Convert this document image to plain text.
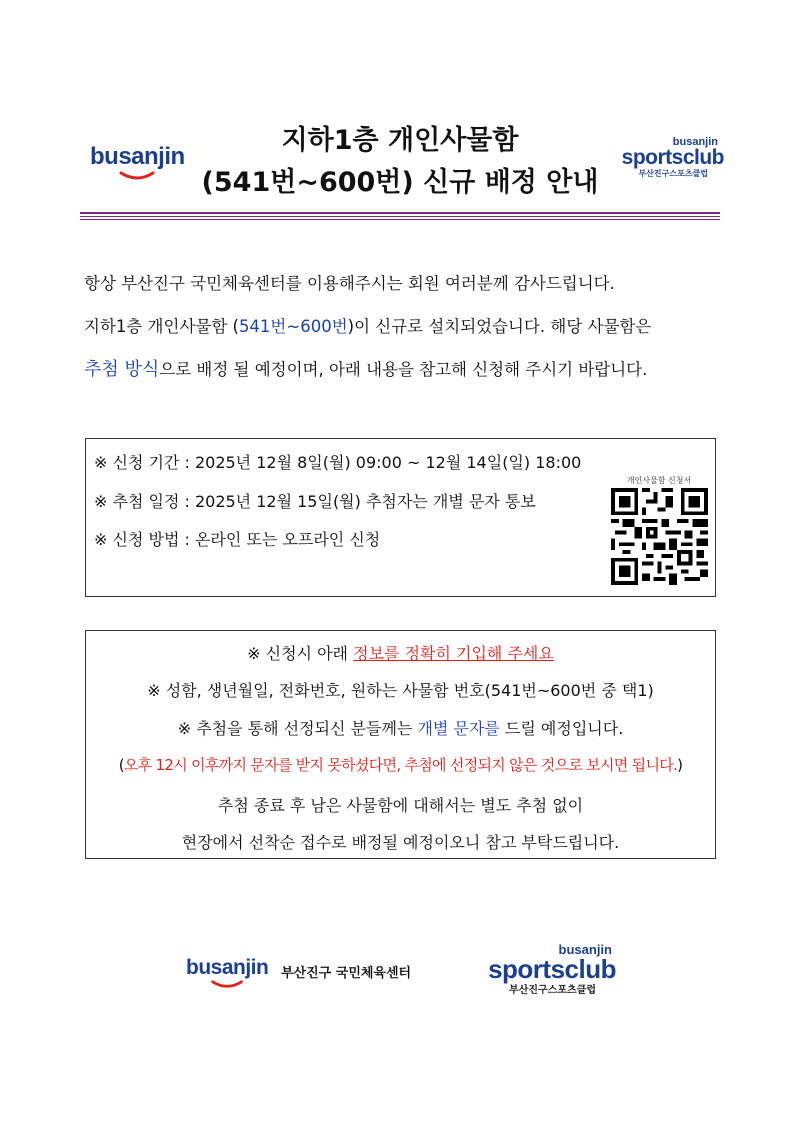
busanjin
busanjin
sportsclub
부산진구스포츠클럽
지하1층 개인사물함
(541번~600번) 신규 배정 안내
항상 부산진구 국민체육센터를 이용해주시는 회원 여러분께 감사드립니다.
지하1층 개인사물함 (541번~600번)이 신규로 설치되었습니다. 해당 사물함은
추첨 방식으로 배정 될 예정이며, 아래 내용을 참고해 신청해 주시기 바랍니다.
※ 신청 기간 : 2025년 12월 8일(월) 09:00 ~ 12월 14일(일) 18:00
※ 추첨 일정 : 2025년 12월 15일(월) 추첨자는 개별 문자 통보
※ 신청 방법 : 온라인 또는 오프라인 신청
개인사물함 신청서
※ 신청시 아래 정보를 정확히 기입해 주세요
※ 성함, 생년월일, 전화번호, 원하는 사물함 번호(541번~600번 중 택1)
※ 추첨을 통해 선정되신 분들께는 개별 문자를 드릴 예정입니다.
(오후 12시 이후까지 문자를 받지 못하셨다면, 추첨에 선정되지 않은 것으로 보시면 됩니다.)
추첨 종료 후 남은 사물함에 대해서는 별도 추첨 없이
현장에서 선착순 접수로 배정될 예정이오니 참고 부탁드립니다.
busanjin 부산진구 국민체육센터
busanjin
sportsclub
부산진구스포츠클럽
